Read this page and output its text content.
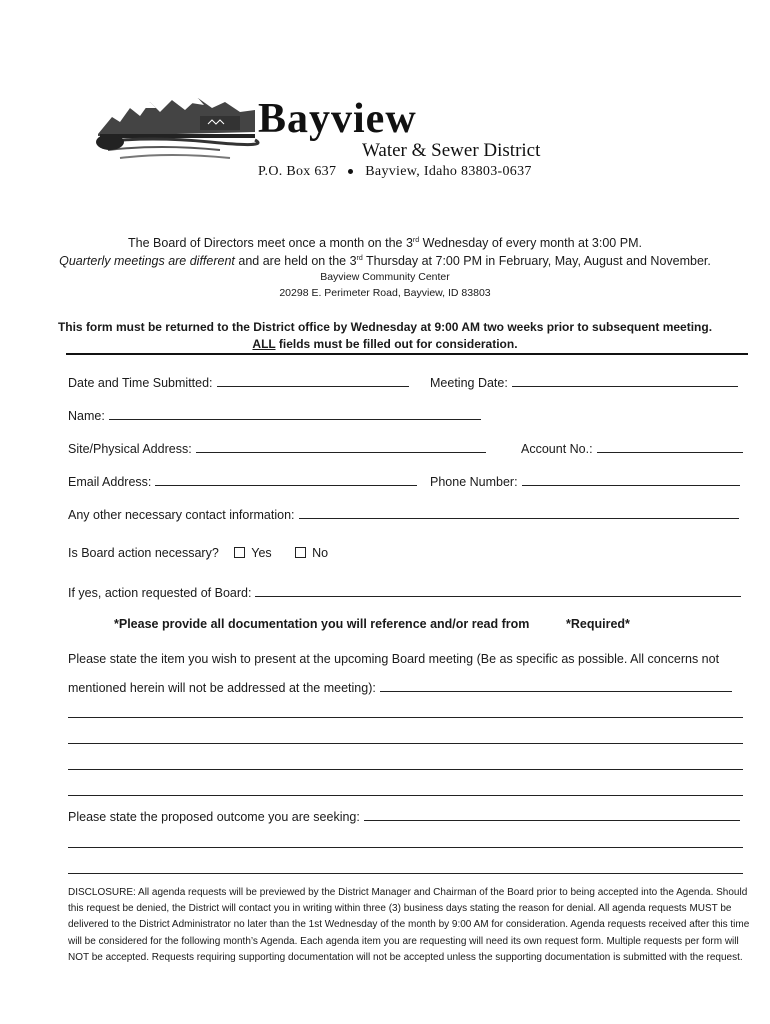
Bayview
Water & Sewer District
P.O. Box 637 Bayview, Idaho 83803-0637
The Board of Directors meet once a month on the 3rd Wednesday of every month at 3:00 PM.
Quarterly meetings are different and are held on the 3rd Thursday at 7:00 PM in February, May, August and November.
Bayview Community Center
20298 E. Perimeter Road, Bayview, ID 83803
This form must be returned to the District office by Wednesday at 9:00 AM two weeks prior to subsequent meeting.
ALL fields must be filled out for consideration.
Date and Time Submitted:	Meeting Date:
Name:
Site/Physical Address:	Account No.:
Email Address:	Phone Number:
Any other necessary contact information:
Is Board action necessary?	Yes	No
If yes, action requested of Board:
*Please provide all documentation you will reference and/or read from	*Required*
Please state the item you wish to present at the upcoming Board meeting (Be as specific as possible. All concerns not
mentioned herein will not be addressed at the meeting):
Please state the proposed outcome you are seeking:
DISCLOSURE: All agenda requests will be previewed by the District Manager and Chairman of the Board prior to being accepted into the Agenda. Should this request be denied, the District will contact you in writing within three (3) business days stating the reason for denial. All agenda requests MUST be delivered to the District Administrator no later than the 1st Wednesday of the month by 9:00 AM for consideration. Agenda requests received after this time will be considered for the following month’s Agenda. Each agenda item you are requesting will need its own request form. Multiple requests per form will NOT be accepted. Requests requiring supporting documentation will not be accepted unless the supporting documentation is submitted with the request.
